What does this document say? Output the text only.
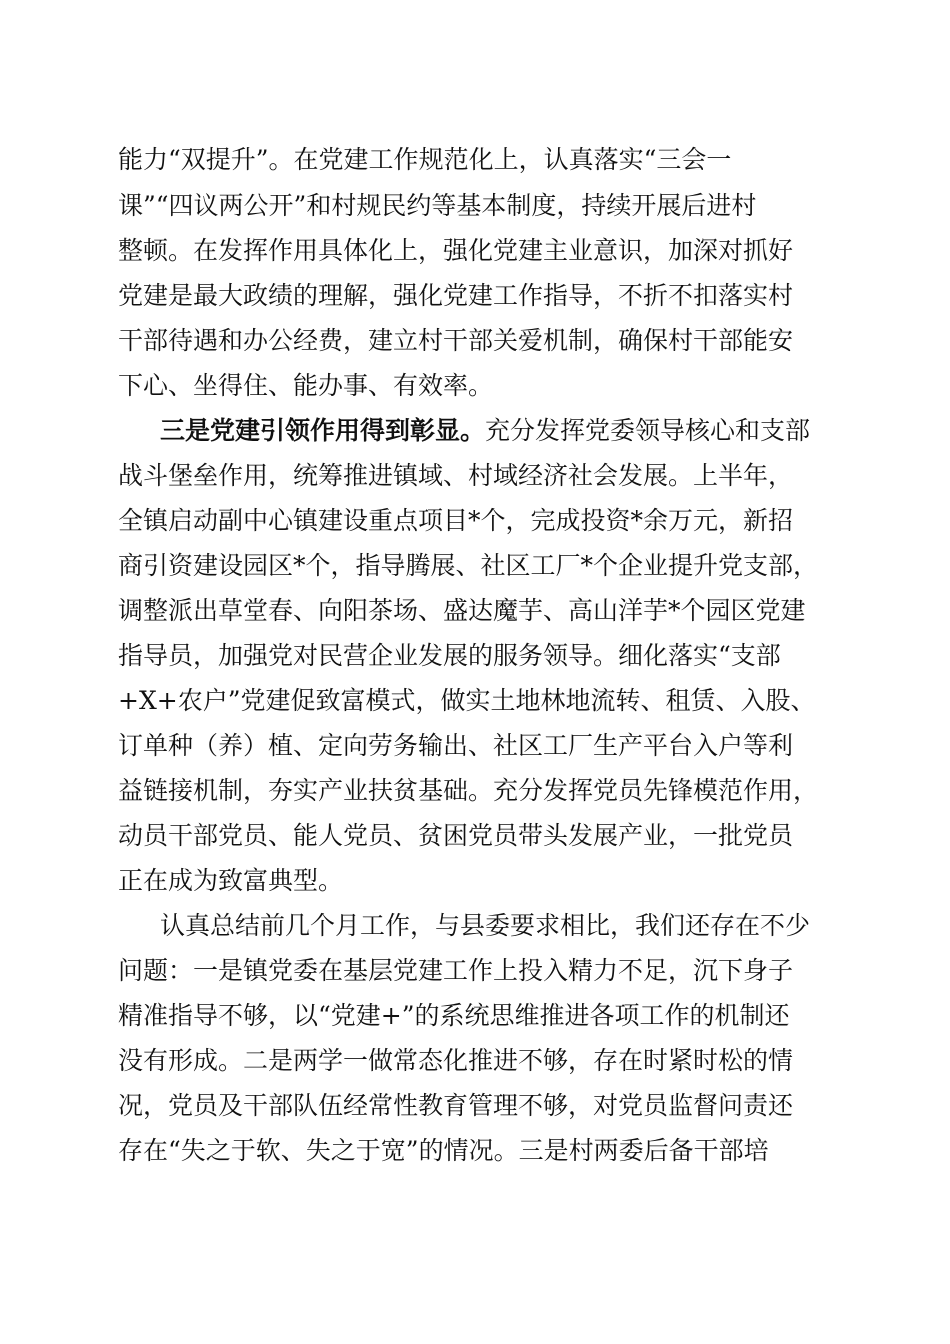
能力“双提升”。在党建工作规范化上，认真落实“三会一
课”“四议两公开”和村规民约等基本制度，持续开展后进村
整顿。在发挥作用具体化上，强化党建主业意识，加深对抓好
党建是最大政绩的理解，强化党建工作指导，不折不扣落实村
干部待遇和办公经费，建立村干部关爱机制，确保村干部能安
下心、坐得住、能办事、有效率。
三是党建引领作用得到彰显。充分发挥党委领导核心和支部
战斗堡垒作用，统筹推进镇域、村域经济社会发展。上半年，
全镇启动副中心镇建设重点项目*个，完成投资*余万元，新招
商引资建设园区*个，指导腾展、社区工厂*个企业提升党支部，
调整派出草堂春、向阳茶场、盛达魔芋、高山洋芋*个园区党建
指导员，加强党对民营企业发展的服务领导。细化落实“支部
+X+农户”党建促致富模式，做实土地林地流转、租赁、入股、
订单种（养）植、定向劳务输出、社区工厂生产平台入户等利
益链接机制，夯实产业扶贫基础。充分发挥党员先锋模范作用，
动员干部党员、能人党员、贫困党员带头发展产业，一批党员
正在成为致富典型。
认真总结前几个月工作，与县委要求相比，我们还存在不少
问题：一是镇党委在基层党建工作上投入精力不足，沉下身子
精准指导不够，以“党建+”的系统思维推进各项工作的机制还
没有形成。二是两学一做常态化推进不够，存在时紧时松的情
况，党员及干部队伍经常性教育管理不够，对党员监督问责还
存在“失之于软、失之于宽”的情况。三是村两委后备干部培
